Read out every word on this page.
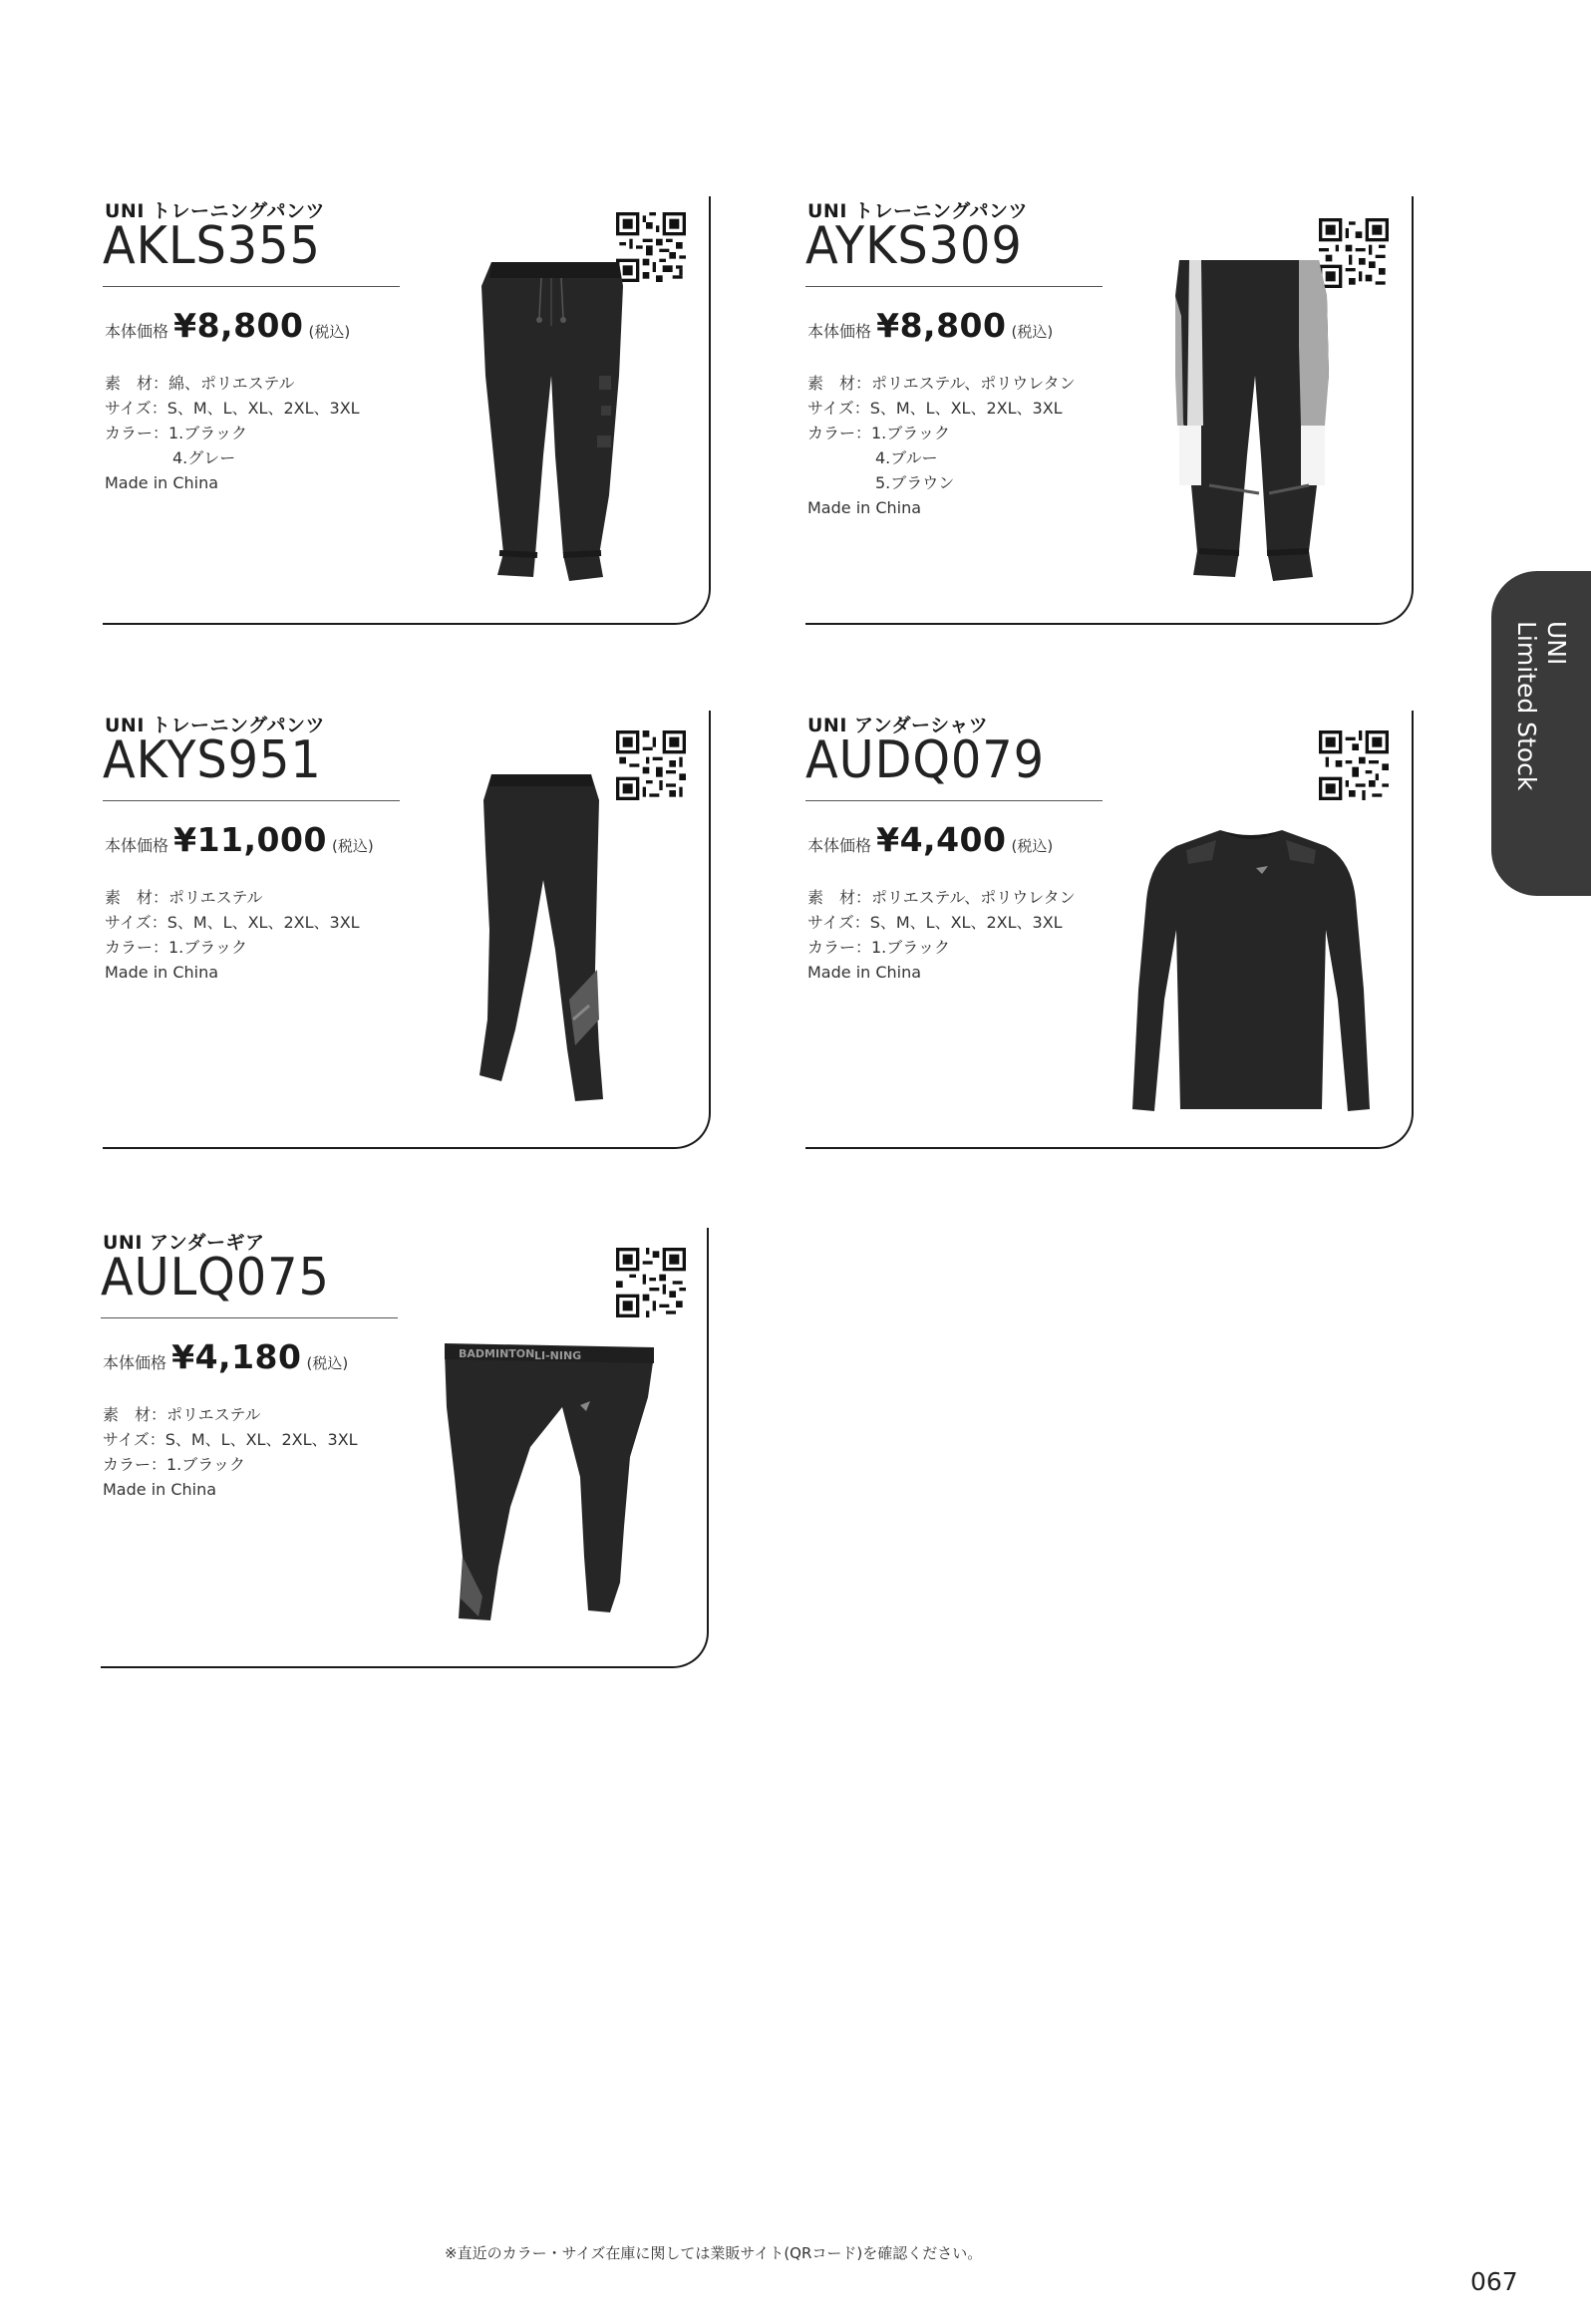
UNI トレーニングパンツ
AKLS355
本体価格 ¥8,800 (税込)
素　材：綿、ポリエステル
サイズ：S、M、L、XL、2XL、3XL
カラー：1.ブラック
4.グレー
Made in China
UNI トレーニングパンツ
AYKS309
本体価格 ¥8,800 (税込)
素　材：ポリエステル、ポリウレタン
サイズ：S、M、L、XL、2XL、3XL
カラー：1.ブラック
4.ブルー
5.ブラウン
Made in China
UNI トレーニングパンツ
AKYS951
本体価格 ¥11,000 (税込)
素　材：ポリエステル
サイズ：S、M、L、XL、2XL、3XL
カラー：1.ブラック
Made in China
UNI アンダーシャツ
AUDQ079
本体価格 ¥4,400 (税込)
素　材：ポリエステル、ポリウレタン
サイズ：S、M、L、XL、2XL、3XL
カラー：1.ブラック
Made in China
UNI アンダーギア
AULQ075
本体価格 ¥4,180 (税込)
素　材：ポリエステル
サイズ：S、M、L、XL、2XL、3XL
カラー：1.ブラック
Made in China
BADMINTON LI-NING
UNI
Limited Stock
※直近のカラー・サイズ在庫に関しては業販サイト(QRコード)を確認ください。
067
